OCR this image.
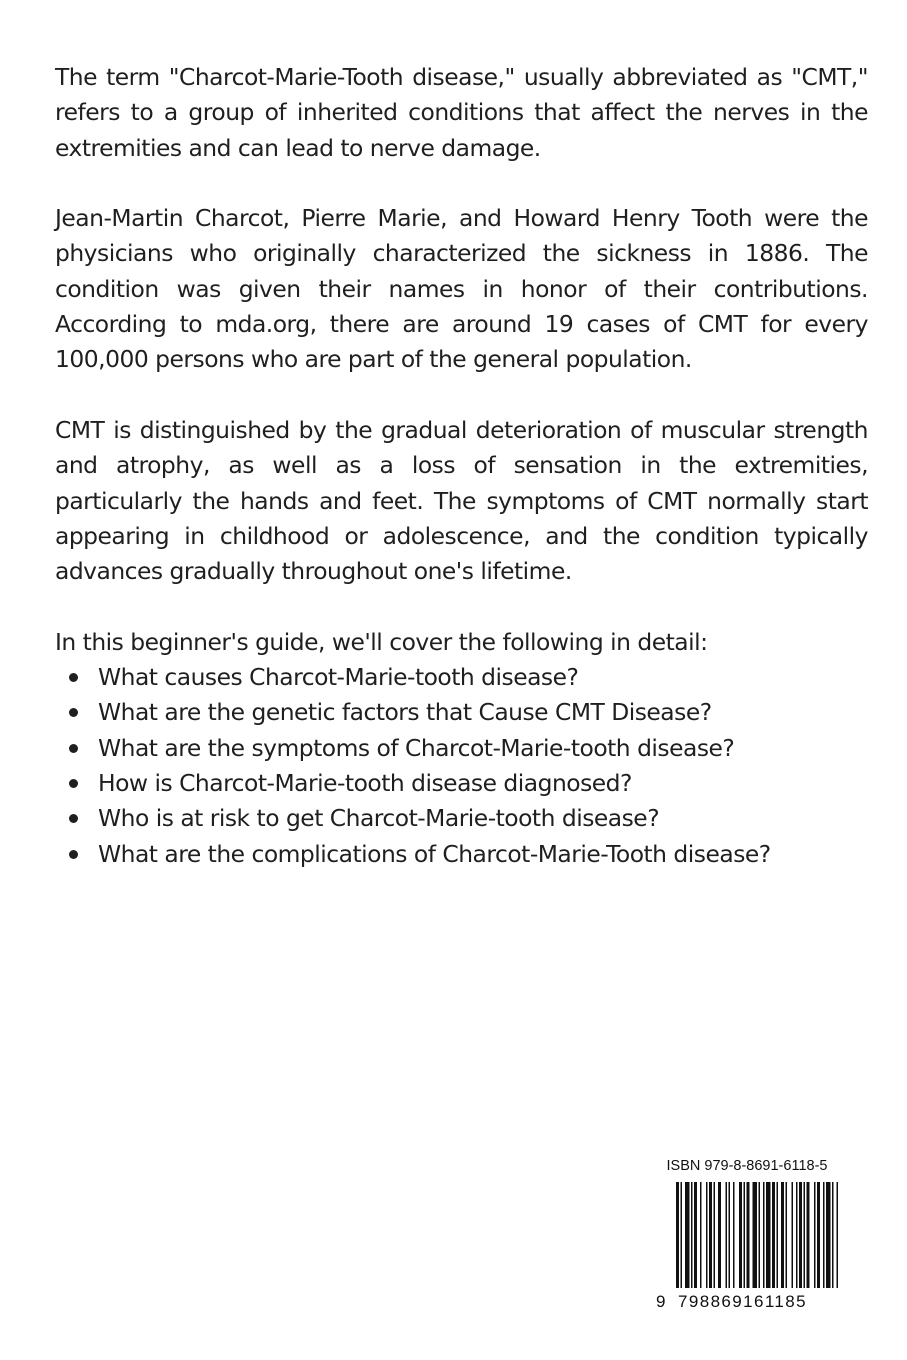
The term "Charcot-Marie-Tooth disease," usually abbreviated as "CMT," refers to a group of inherited conditions that affect the nerves in the extremities and can lead to nerve damage.

Jean-Martin Charcot, Pierre Marie, and Howard Henry Tooth were the physicians who originally characterized the sickness in 1886. The condition was given their names in honor of their contributions. According to mda.org, there are around 19 cases of CMT for every 100,000 persons who are part of the general population.

CMT is distinguished by the gradual deterioration of muscular strength and atrophy, as well as a loss of sensation in the extremities, particularly the hands and feet. The symptoms of CMT normally start appearing in childhood or adolescence, and the condition typically advances gradually throughout one's lifetime.

In this beginner's guide, we'll cover the following in detail:

What causes Charcot-Marie-tooth disease?
What are the genetic factors that Cause CMT Disease?
What are the symptoms of Charcot-Marie-tooth disease?
How is Charcot-Marie-tooth disease diagnosed?
Who is at risk to get Charcot-Marie-tooth disease?
What are the complications of Charcot-Marie-Tooth disease?
ISBN 979-8-8691-6118-5
9 798869161185
